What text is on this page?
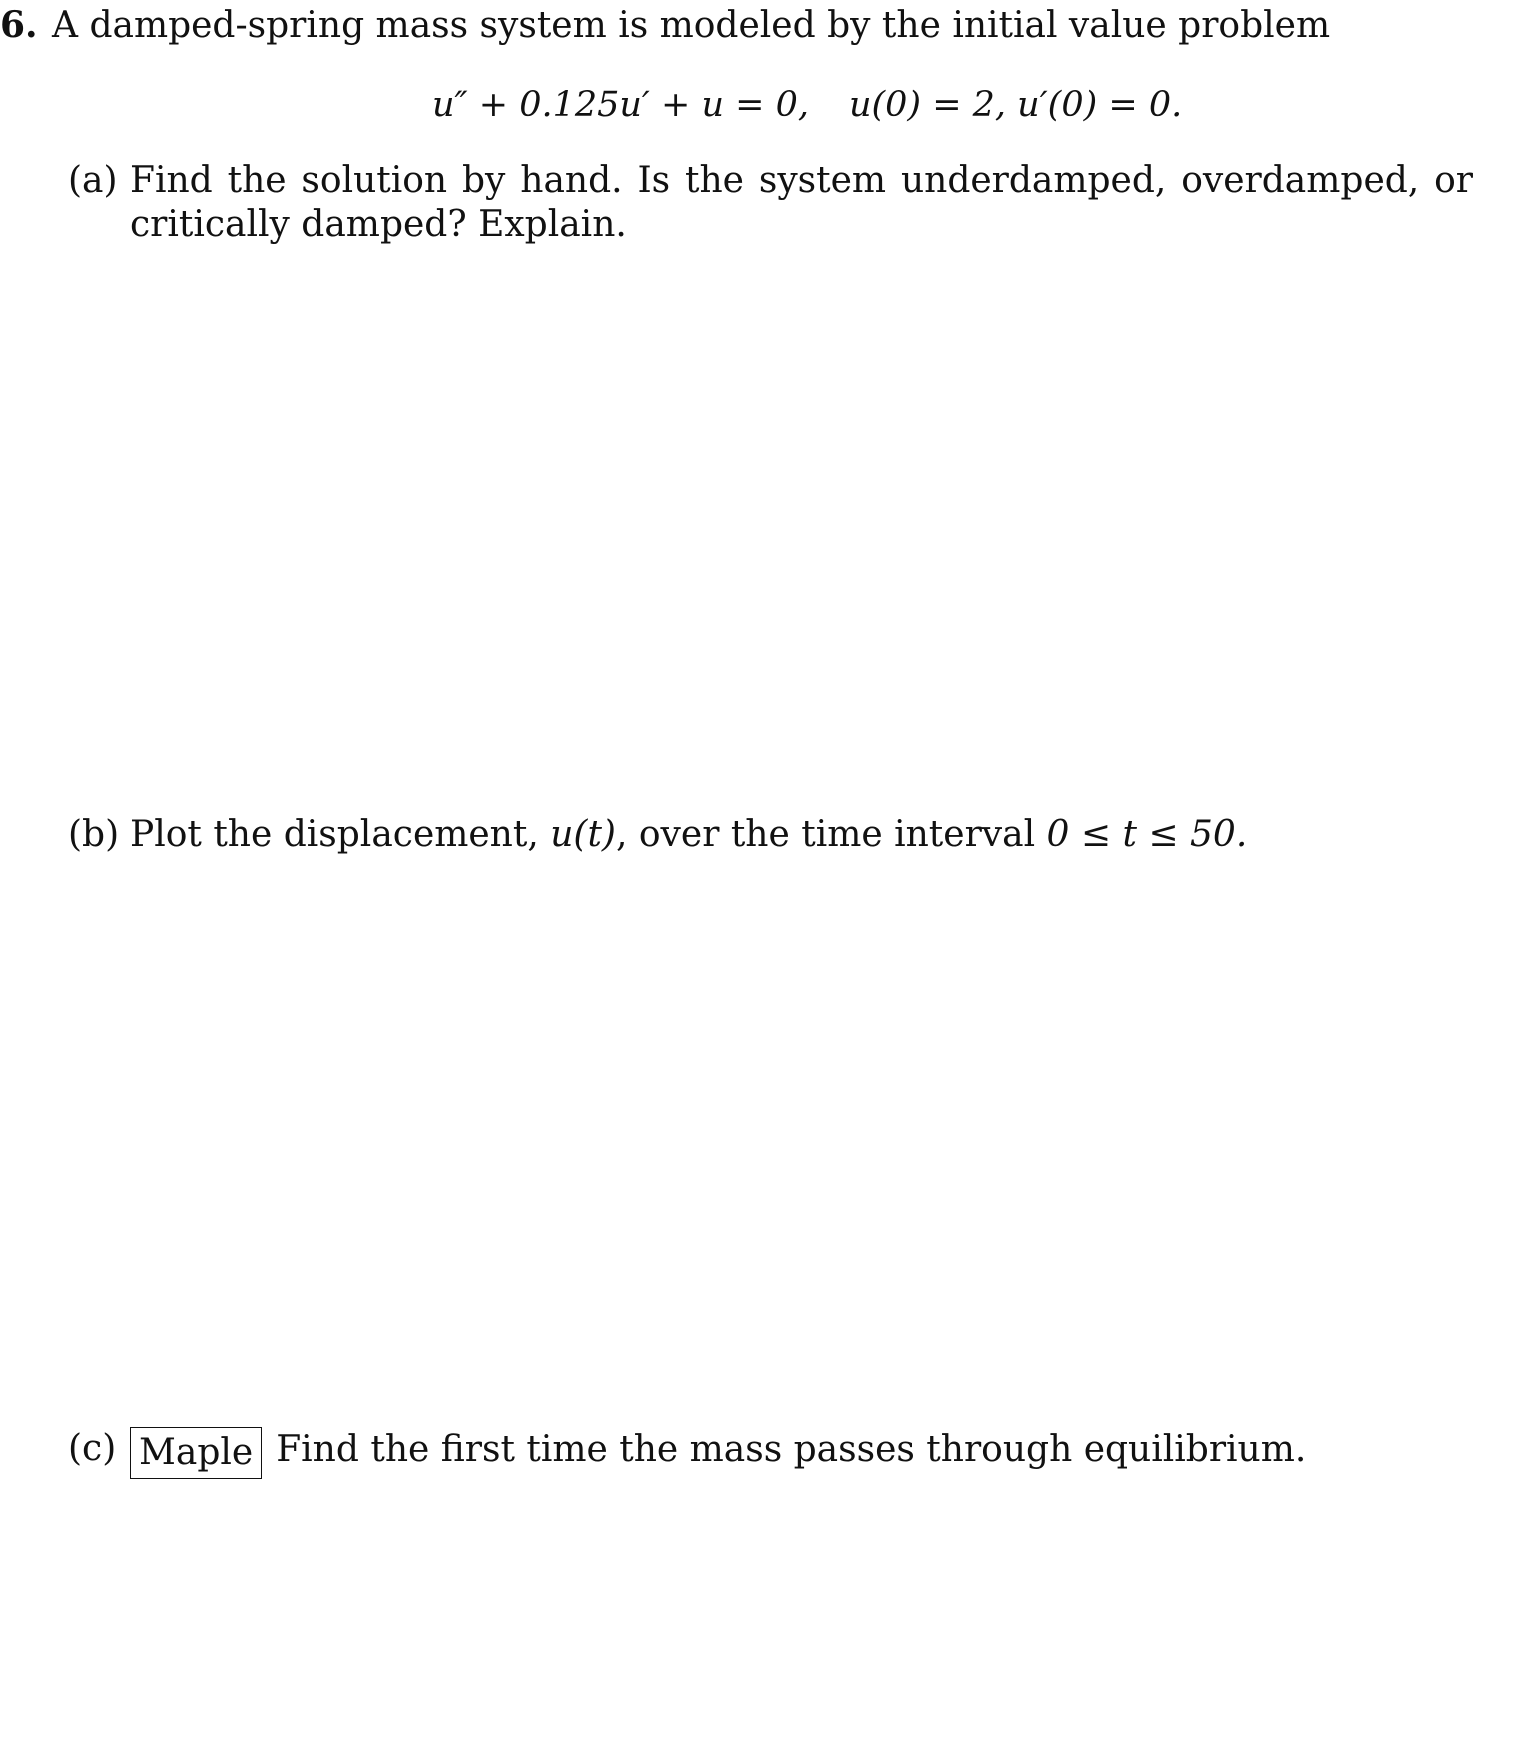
6. A damped-spring mass system is modeled by the initial value problem
u″ + 0.125u′ + u = 0, u(0) = 2, u′(0) = 0.
(a) Find the solution by hand. Is the system underdamped, overdamped, or critically damped? Explain.
(b) Plot the displacement, u(t), over the time interval 0 ≤ t ≤ 50.
(c) Maple Find the first time the mass passes through equilibrium.
